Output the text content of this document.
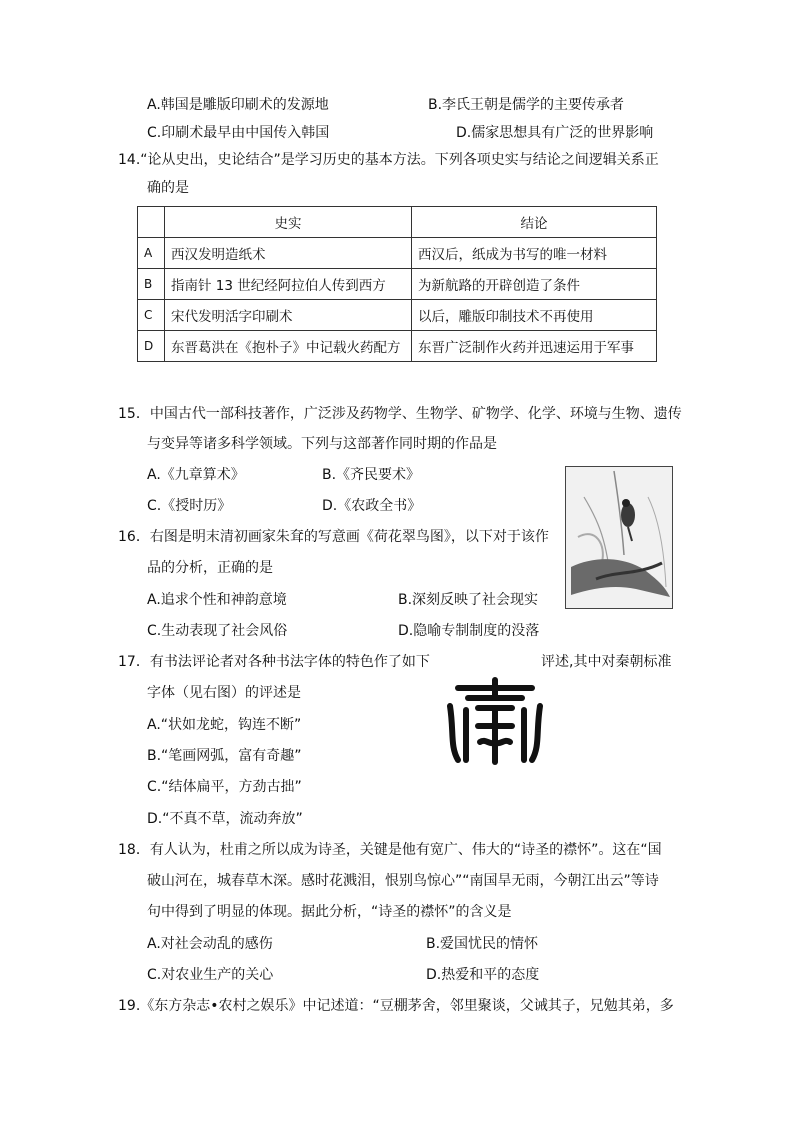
A.韩国是雕版印刷术的发源地	B.李氏王朝是儒学的主要传承者
C.印刷术最早由中国传入韩国	D.儒家思想具有广泛的世界影响
14.“论从史出，史论结合”是学习历史的基本方法。下列各项史实与结论之间逻辑关系正
确的是
	史实	结论
A	西汉发明造纸术	西汉后，纸成为书写的唯一材料
B	指南针 13 世纪经阿拉伯人传到西方	为新航路的开辟创造了条件
C	宋代发明活字印刷术	以后，雕版印制技术不再使用
D	东晋葛洪在《抱朴子》中记载火药配方	东晋广泛制作火药并迅速运用于军事
15．中国古代一部科技著作，广泛涉及药物学、生物学、矿物学、化学、环境与生物、遗传
与变异等诸多科学领域。下列与这部著作同时期的作品是
A.《九章算术》	B.《齐民要术》
C.《授时历》	D.《农政全书》
16．右图是明末清初画家朱耷的写意画《荷花翠鸟图》，以下对于该作
品的分析，正确的是
A.追求个性和神韵意境	B.深刻反映了社会现实
C.生动表现了社会风俗	D.隐喻专制制度的没落
17．有书法评论者对各种书法字体的特色作了如下	评述,其中对秦朝标准
字体（见右图）的评述是
A.“状如龙蛇，钩连不断”
B.“笔画网弧，富有奇趣”
C.“结体扁平，方劲古拙”
D.“不真不草，流动奔放”
18．有人认为，杜甫之所以成为诗圣，关键是他有宽广、伟大的“诗圣的襟怀”。这在“国
破山河在，城春草木深。感时花溅泪，恨别鸟惊心”“南国旱无雨，今朝江出云”等诗
句中得到了明显的体现。据此分析，“诗圣的襟怀”的含义是
A.对社会动乱的感伤	B.爱国忧民的情怀
C.对农业生产的关心	D.热爱和平的态度
19.《东方杂志•农村之娱乐》中记述道：“豆棚茅舍，邻里聚谈，父诫其子，兄勉其弟，多
